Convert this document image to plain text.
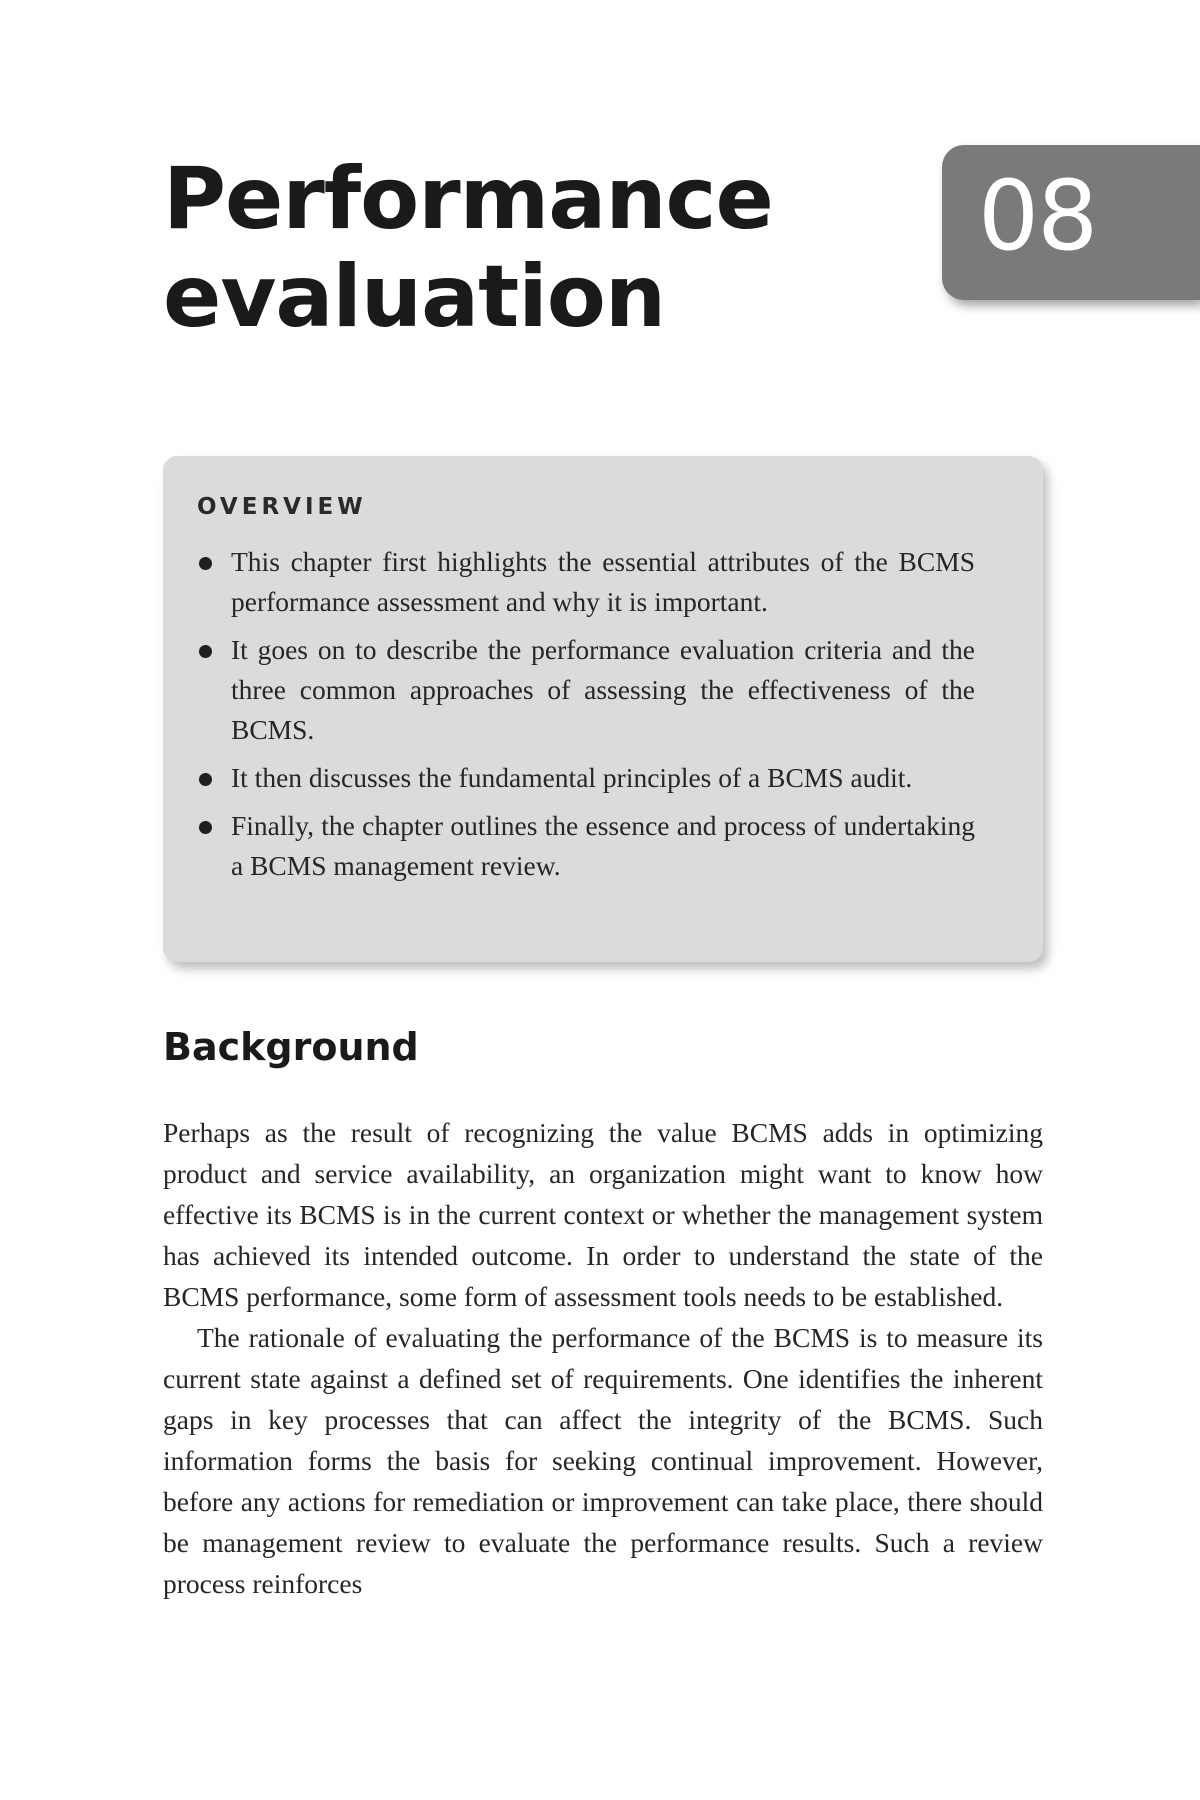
Performance
evaluation
08
OVERVIEW
This chapter first highlights the essential attributes of the BCMS performance assessment and why it is important.
It goes on to describe the performance evaluation criteria and the three common approaches of assessing the effectiveness of the BCMS.
It then discusses the fundamental principles of a BCMS audit.
Finally, the chapter outlines the essence and process of undertaking a BCMS management review.
Background

Perhaps as the result of recognizing the value BCMS adds in optimizing product and service availability, an organization might want to know how effective its BCMS is in the current context or whether the management system has achieved its intended outcome. In order to understand the state of the BCMS performance, some form of assessment tools needs to be established.

The rationale of evaluating the performance of the BCMS is to measure its current state against a defined set of requirements. One identifies the inherent gaps in key processes that can affect the integrity of the BCMS. Such information forms the basis for seeking continual improvement. However, before any actions for remediation or improvement can take place, there should be management review to evaluate the performance results. Such a review process reinforces
